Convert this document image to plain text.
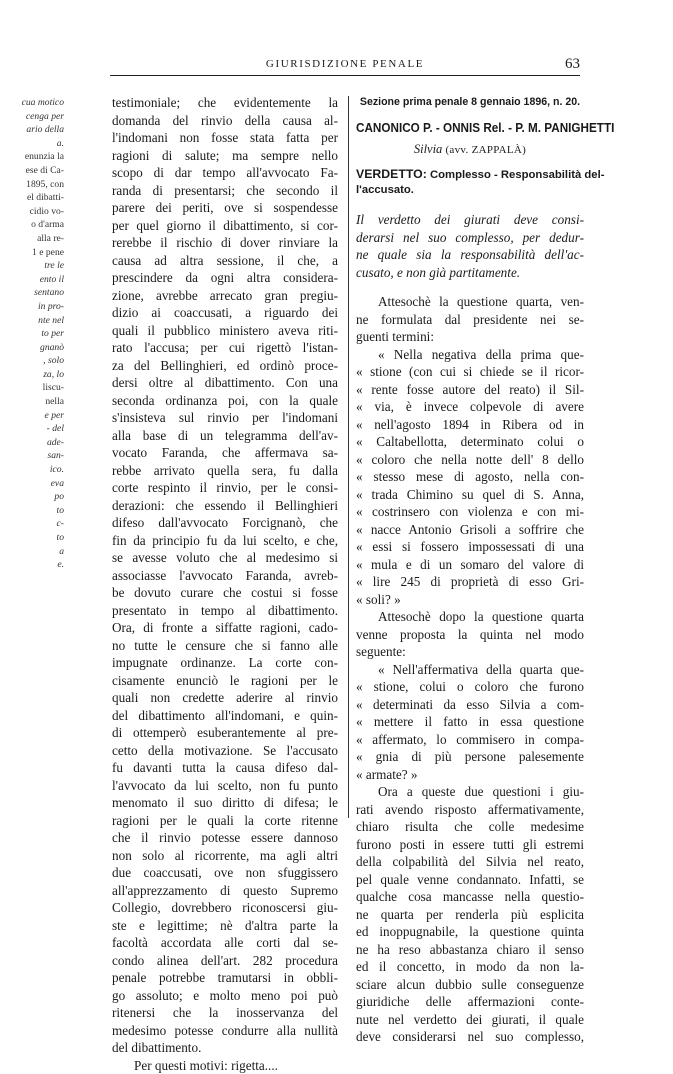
GIURISDIZIONE PENALE	63
cua motico
cenga per
ario della
a.
enunzia la
ese di Ca-
1895, con
el dibatti-
cidio vo-
o d'arma
alla re-
1 e pene
tre le
ento il
sentano
in pro-
nte nel
to per
gnanò
, solo
za, lo
liscu-
nella
e per
- del
ade-
san-
ico.
eva
po
to
c-
to
a
e.
testimoniale; che evidentemente la
domanda del rinvio della causa al-
l'indomani non fosse stata fatta per
ragioni di salute; ma sempre nello
scopo di dar tempo all'avvocato Fa-
randa di presentarsi; che secondo il
parere dei periti, ove si sospendesse
per quel giorno il dibattimento, si cor-
rerebbe il rischio di dover rinviare la
causa ad altra sessione, il che, a
prescindere da ogni altra considera-
zione, avrebbe arrecato gran pregiu-
dizio ai coaccusati, a riguardo dei
quali il pubblico ministero aveva riti-
rato l'accusa; per cui rigettò l'istan-
za del Bellinghieri, ed ordinò proce-
dersi oltre al dibattimento. Con una
seconda ordinanza poi, con la quale
s'insisteva sul rinvio per l'indomani
alla base di un telegramma dell'av-
vocato Faranda, che affermava sa-
rebbe arrivato quella sera, fu dalla
corte respinto il rinvio, per le consi-
derazioni: che essendo il Bellinghieri
difeso dall'avvocato Forcignanò, che
fin da principio fu da lui scelto, e che,
se avesse voluto che al medesimo si
associasse l'avvocato Faranda, avreb-
be dovuto curare che costui si fosse
presentato in tempo al dibattimento.
Ora, di fronte a siffatte ragioni, cado-
no tutte le censure che si fanno alle
impugnate ordinanze. La corte con-
cisamente enunciò le ragioni per le
quali non credette aderire al rinvio
del dibattimento all'indomani, e quin-
di ottemperò esuberantemente al pre-
cetto della motivazione. Se l'accusato
fu davanti tutta la causa difeso dal-
l'avvocato da lui scelto, non fu punto
menomato il suo diritto di difesa; le
ragioni per le quali la corte ritenne
che il rinvio potesse essere dannoso
non solo al ricorrente, ma agli altri
due coaccusati, ove non sfuggissero
all'apprezzamento di questo Supremo
Collegio, dovrebbero riconoscersi giu-
ste e legittime; nè d'altra parte la
facoltà accordata alle corti dal se-
condo alinea dell'art. 282 procedura
penale potrebbe tramutarsi in obbli-
go assoluto; e molto meno poi può
ritenersi che la inosservanza del
medesimo potesse condurre alla nullità
del dibattimento.
Per questi motivi: rigetta....
Sezione prima penale 8 gennaio 1896, n. 20.
CANONICO P. - ONNIS Rel. - P. M. PANIGHETTI
Silvia (avv. ZAPPALÀ)
VERDETTO: Complesso - Responsabilità del-
l'accusato.
Il verdetto dei giurati deve consi-
derarsi nel suo complesso, per dedur-
ne quale sia la responsabilità dell'ac-
cusato, e non già partitamente.
Attesochè la questione quarta, ven-
ne formulata dal presidente nei se-
guenti termini:
« Nella negativa della prima que-
« stione (con cui si chiede se il ricor-
« rente fosse autore del reato) il Sil-
« via, è invece colpevole di avere
« nell'agosto 1894 in Ribera od in
« Caltabellotta, determinato colui o
« coloro che nella notte dell' 8 dello
« stesso mese di agosto, nella con-
« trada Chimino su quel di S. Anna,
« costrinsero con violenza e con mi-
« nacce Antonio Grisoli a soffrire che
« essi si fossero impossessati di una
« mula e di un somaro del valore di
« lire 245 di proprietà di esso Gri-
« soli? »
Attesochè dopo la questione quarta
venne proposta la quinta nel modo
seguente:
« Nell'affermativa della quarta que-
« stione, colui o coloro che furono
« determinati da esso Silvia a com-
« mettere il fatto in essa questione
« affermato, lo commisero in compa-
« gnia di più persone palesemente
« armate? »
Ora a queste due questioni i giu-
rati avendo risposto affermativamente,
chiaro risulta che colle medesime
furono posti in essere tutti gli estremi
della colpabilità del Silvia nel reato,
pel quale venne condannato. Infatti, se
qualche cosa mancasse nella questio-
ne quarta per renderla più esplicita
ed inoppugnabile, la questione quinta
ne ha reso abbastanza chiaro il senso
ed il concetto, in modo da non la-
sciare alcun dubbio sulle conseguenze
giuridiche delle affermazioni conte-
nute nel verdetto dei giurati, il quale
deve considerarsi nel suo complesso,
